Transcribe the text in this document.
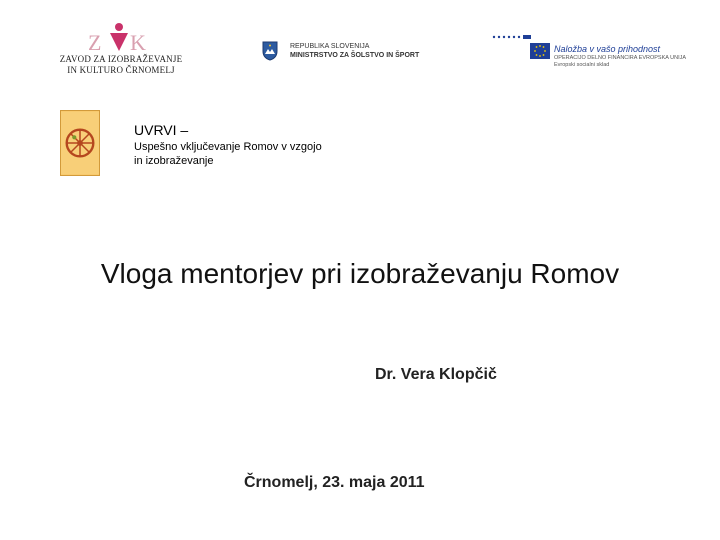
Z K
ZAVOD ZA IZOBRAŽEVANJE
IN KULTURO ČRNOMELJ
REPUBLIKA SLOVENIJA
MINISTRSTVO ZA ŠOLSTVO IN ŠPORT
Naložba v vašo prihodnost
OPERACIJO DELNO FINANCIRA EVROPSKA UNIJA
Evropski socialni sklad
UVRVI –
Uspešno vključevanje Romov v vzgojo in izobraževanje
Vloga mentorjev pri izobraževanju Romov
Dr. Vera Klopčič
Črnomelj, 23. maja 2011
